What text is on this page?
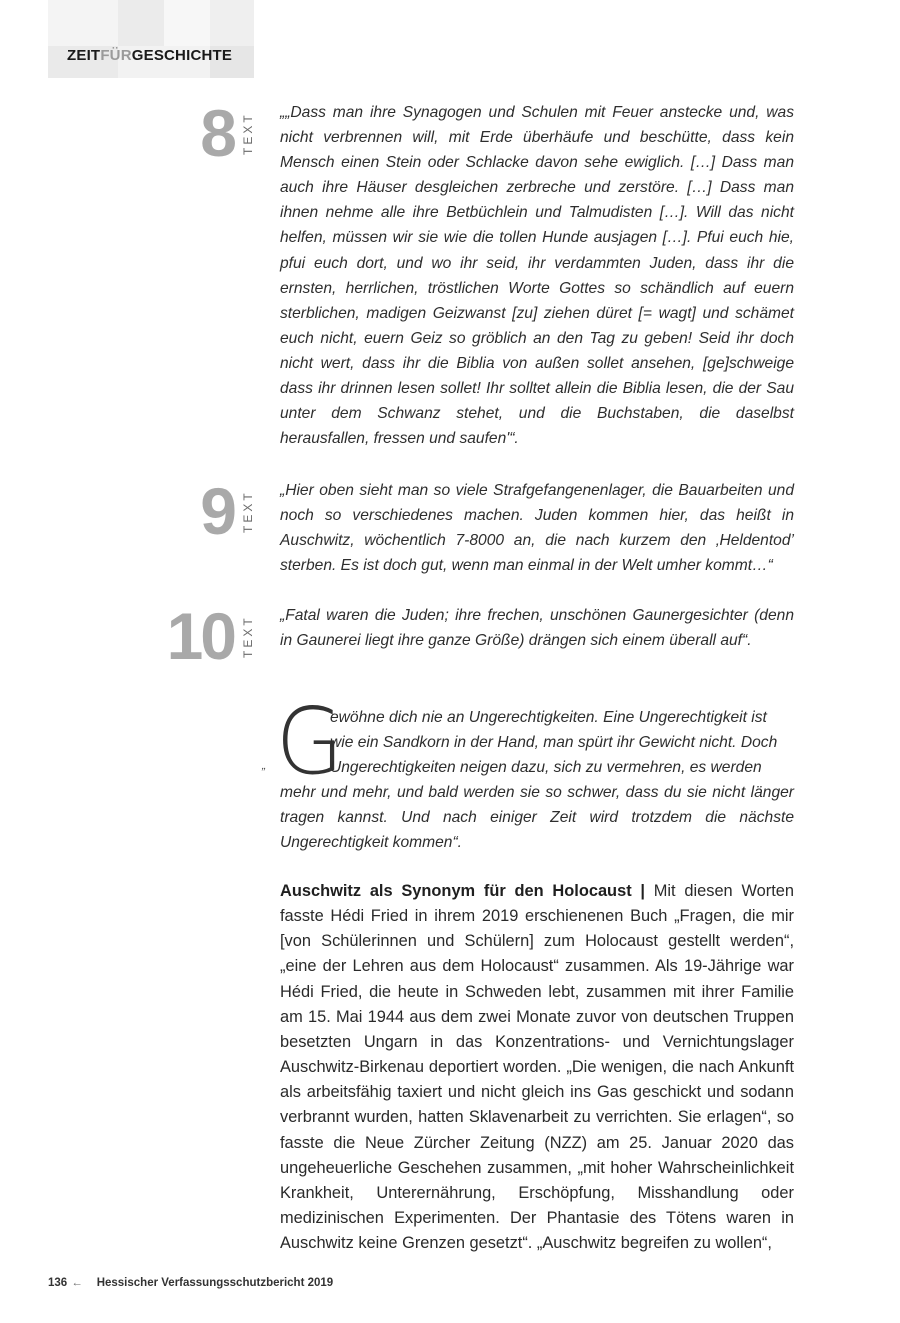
ZEITFÜRGESCHICHTE
8 TEXT „„Dass man ihre Synagogen und Schulen mit Feuer anstecke und, was nicht verbrennen will, mit Erde überhäufe und beschütte, dass kein Mensch einen Stein oder Schlacke davon sehe ewiglich. […] Dass man auch ihre Häuser desgleichen zerbreche und zerstöre. […] Dass man ihnen nehme alle ihre Betbüchlein und Talmudisten […]. Will das nicht helfen, müssen wir sie wie die tollen Hunde ausjagen […]. Pfui euch hie, pfui euch dort, und wo ihr seid, ihr verdammten Juden, dass ihr die ernsten, herrlichen, tröstlichen Worte Gottes so schändlich auf euern sterblichen, madigen Geizwanst [zu] ziehen düret [= wagt] und schämet euch nicht, euern Geiz so gröblich an den Tag zu geben! Seid ihr doch nicht wert, dass ihr die Biblia von außen sollet ansehen, [ge]schweige dass ihr drinnen lesen sollet! Ihr solltet allein die Biblia lesen, die der Sau unter dem Schwanz stehet, und die Buchstaben, die daselbst herausfallen, fressen und saufen'“.
9 TEXT „Hier oben sieht man so viele Strafgefangenenlager, die Bauarbeiten und noch so verschiedenes machen. Juden kommen hier, das heißt in Auschwitz, wöchentlich 7-8000 an, die nach kurzem den ‚Heldentod’ sterben. Es ist doch gut, wenn man einmal in der Welt umher kommt…“
10 TEXT „Fatal waren die Juden; ihre frechen, unschönen Gaunergesichter (denn in Gaunerei liegt ihre ganze Größe) drängen sich einem überall auf“.
„ G
ewöhne dich nie an Ungerechtigkeiten. Eine Ungerechtigkeit ist
wie ein Sandkorn in der Hand, man spürt ihr Gewicht nicht. Doch
Ungerechtigkeiten neigen dazu, sich zu vermehren, es werden
mehr und mehr, und bald werden sie so schwer, dass du sie nicht länger tragen kannst. Und nach einiger Zeit wird trotzdem die nächste Ungerechtigkeit kommen“.
Auschwitz als Synonym für den Holocaust | Mit diesen Worten fasste Hédi Fried in ihrem 2019 erschienenen Buch „Fragen, die mir [von Schülerinnen und Schülern] zum Holocaust gestellt werden“, „eine der Lehren aus dem Holocaust“ zusammen. Als 19-Jährige war Hédi Fried, die heute in Schweden lebt, zusammen mit ihrer Familie am 15. Mai 1944 aus dem zwei Monate zuvor von deutschen Truppen besetzten Ungarn in das Konzentrations- und Vernichtungslager Auschwitz-Birkenau deportiert worden. „Die wenigen, die nach Ankunft als arbeitsfähig taxiert und nicht gleich ins Gas geschickt und sodann verbrannt wurden, hatten Sklavenarbeit zu verrichten. Sie erlagen“, so fasste die Neue Zürcher Zeitung (NZZ) am 25. Januar 2020 das ungeheuerliche Geschehen zusammen, „mit hoher Wahrscheinlichkeit Krankheit, Unterernährung, Erschöpfung, Misshandlung oder medizinischen Experimenten. Der Phantasie des Tötens waren in Auschwitz keine Grenzen gesetzt“. „Auschwitz begreifen zu wollen“,
136 ← Hessischer Verfassungsschutzbericht 2019
